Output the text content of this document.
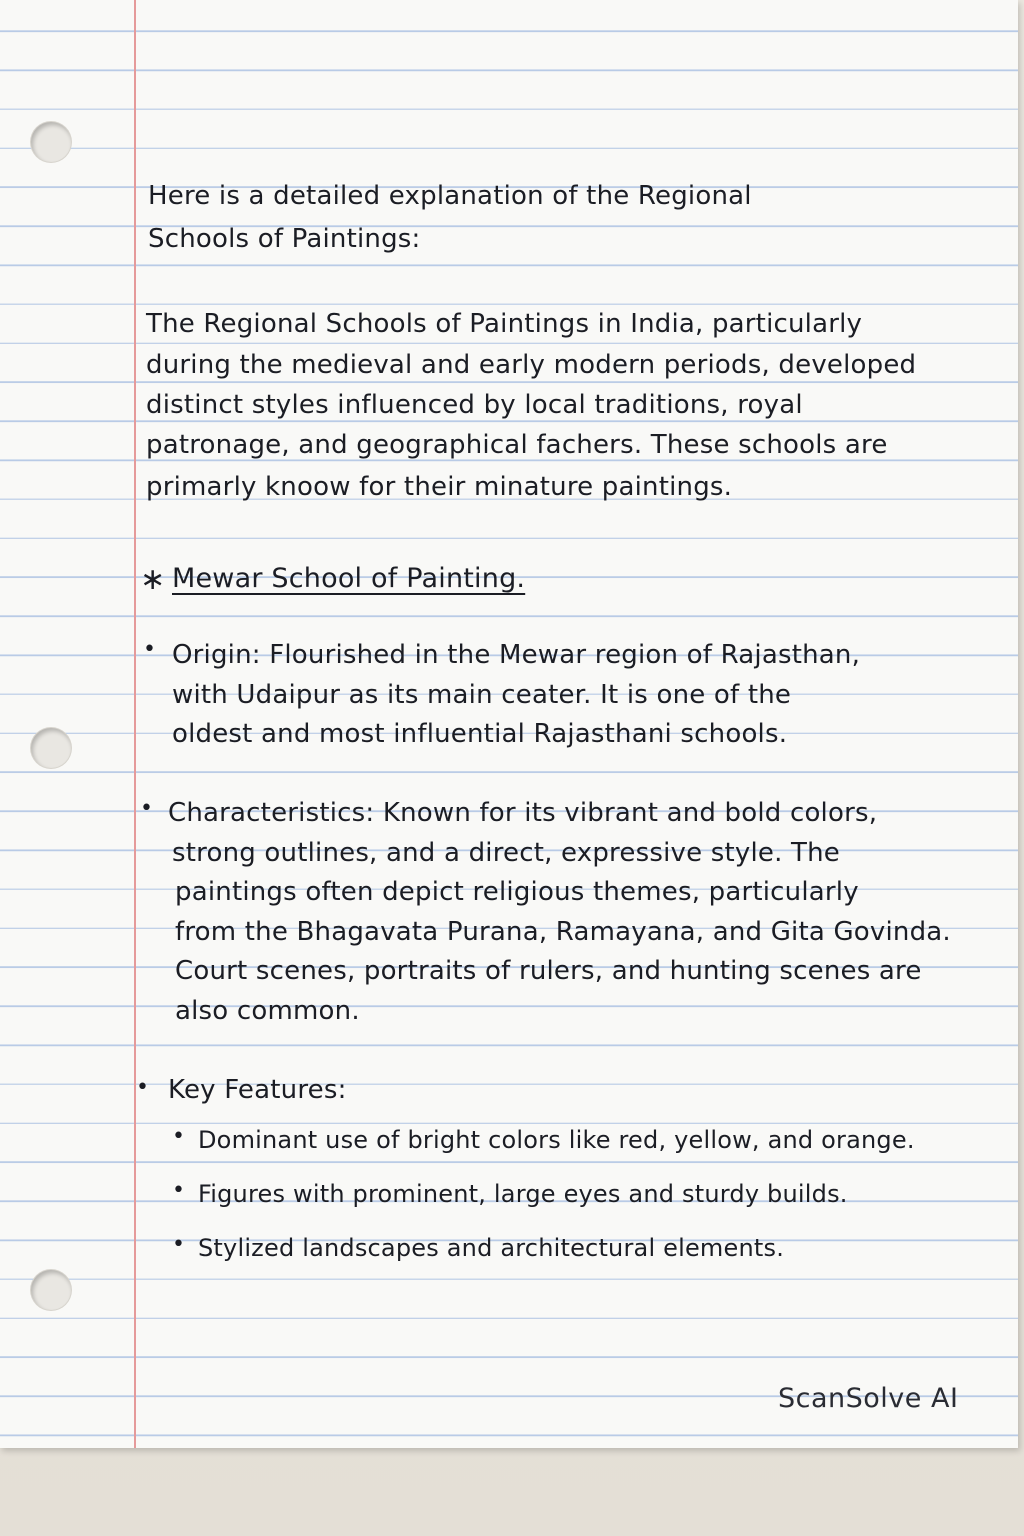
Here is a detailed explanation of the Regional
Schools of Paintings:
The Regional Schools of Paintings in India, particularly
during the medieval and early modern periods, developed
distinct styles influenced by local traditions, royal
patronage, and geographical fachers. These schools are
primarly knoow for their minature paintings.
∗ Mewar School of Painting.
• Origin: Flourished in the Mewar region of Rajasthan,
with Udaipur as its main ceater. It is one of the
oldest and most influential Rajasthani schools.
• Characteristics: Known for its vibrant and bold colors,
strong outlines, and a direct, expressive style. The
paintings often depict religious themes, particularly
from the Bhagavata Purana, Ramayana, and Gita Govinda.
Court scenes, portraits of rulers, and hunting scenes are
also common.
• Key Features:
• Dominant use of bright colors like red, yellow, and orange.
• Figures with prominent, large eyes and sturdy builds.
• Stylized landscapes and architectural elements.
ScanSolve AI
